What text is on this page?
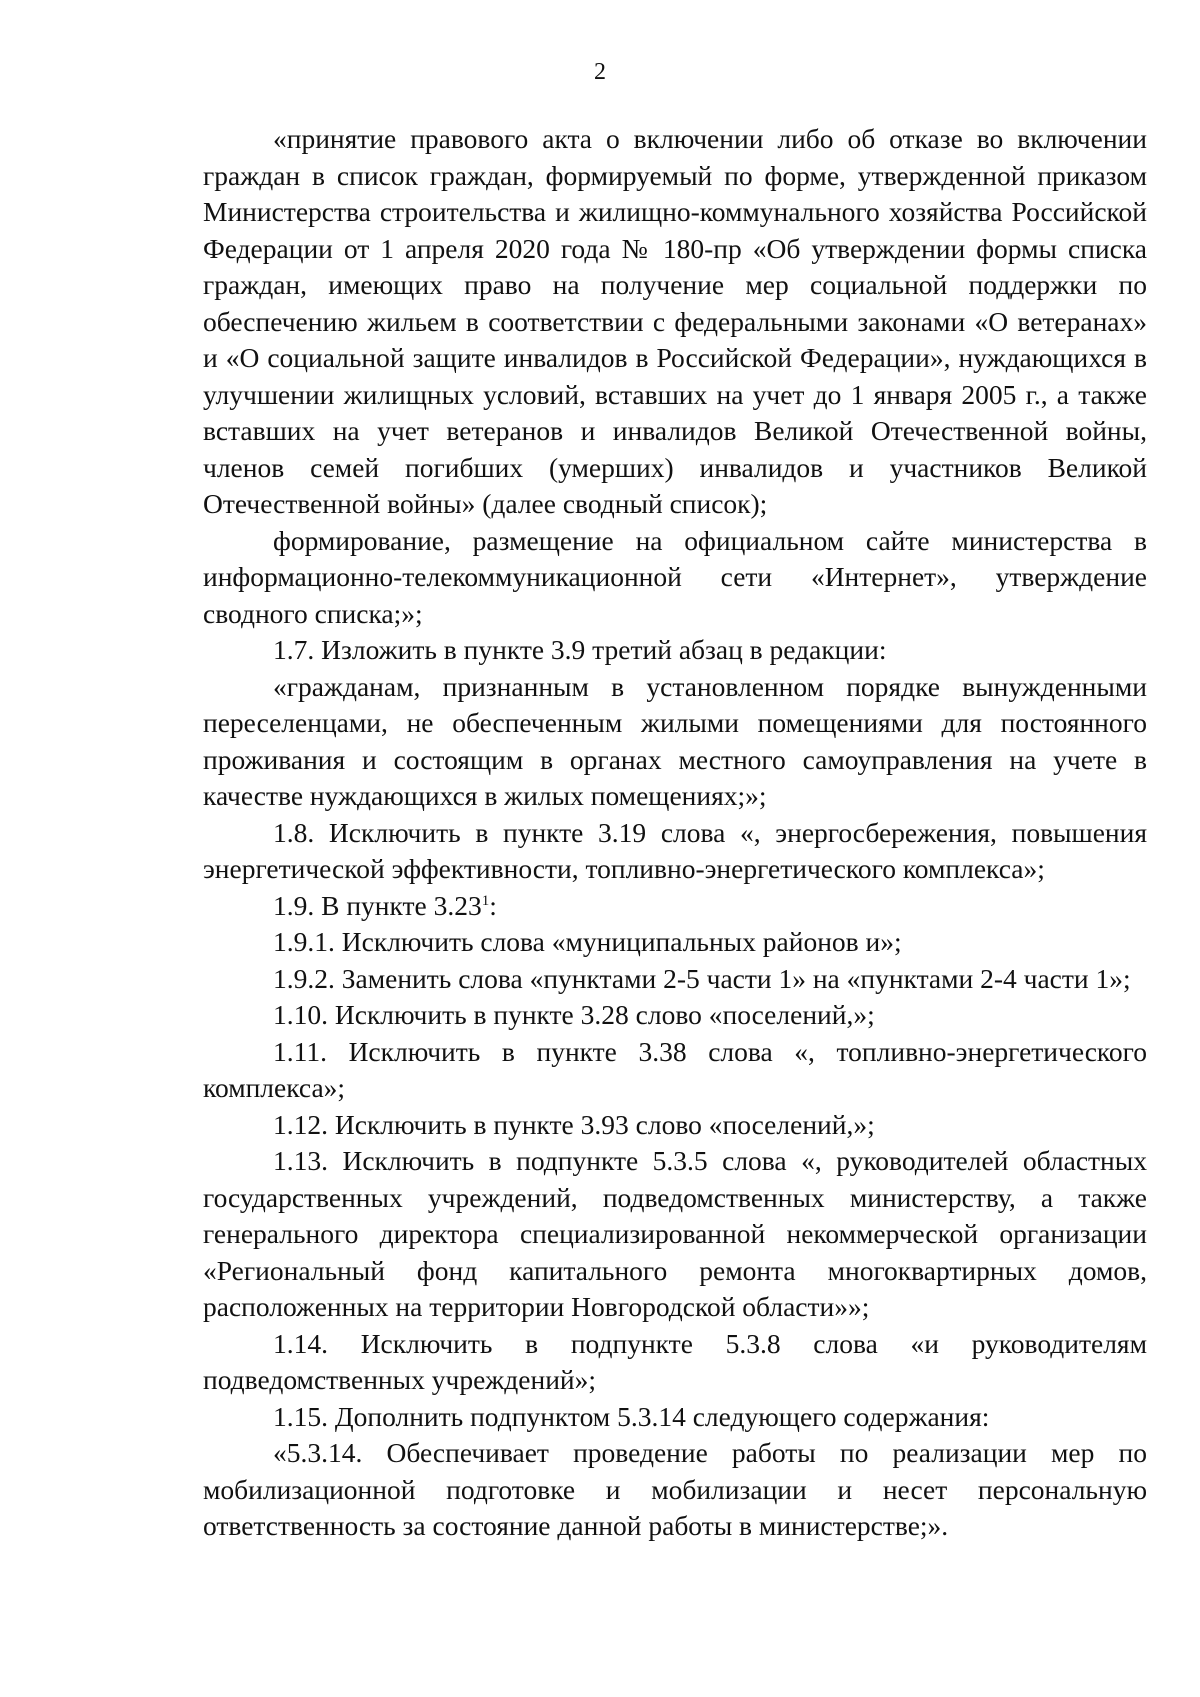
2

«принятие правового акта о включении либо об отказе во включении граждан в список граждан, формируемый по форме, утвержденной приказом Министерства строительства и жилищно-коммунального хозяйства Российской Федерации от 1 апреля 2020 года № 180-пр «Об утверждении формы списка граждан, имеющих право на получение мер социальной поддержки по обеспечению жильем в соответствии с федеральными законами «О ветеранах» и «О социальной защите инвалидов в Российской Федерации», нуждающихся в улучшении жилищных условий, вставших на учет до 1 января 2005 г., а также вставших на учет ветеранов и инвалидов Великой Отечественной войны, членов семей погибших (умерших) инвалидов и участников Великой Отечественной войны» (далее сводный список);

формирование, размещение на официальном сайте министерства в информационно-телекоммуникационной сети «Интернет», утверждение сводного списка;»;

1.7. Изложить в пункте 3.9 третий абзац в редакции:

«гражданам, признанным в установленном порядке вынужденными переселенцами, не обеспеченным жилыми помещениями для постоянного проживания и состоящим в органах местного самоуправления на учете в качестве нуждающихся в жилых помещениях;»;

1.8. Исключить в пункте 3.19 слова «, энергосбережения, повышения энергетической эффективности, топливно-энергетического комплекса»;

1.9. В пункте 3.23$^1$:

1.9.1. Исключить слова «муниципальных районов и»;

1.9.2. Заменить слова «пунктами 2-5 части 1» на «пунктами 2-4 части 1»;

1.10. Исключить в пункте 3.28 слово «поселений,»;

1.11. Исключить в пункте 3.38 слова «, топливно-энергетического комплекса»;

1.12. Исключить в пункте 3.93 слово «поселений,»;

1.13. Исключить в подпункте 5.3.5 слова «, руководителей областных государственных учреждений, подведомственных министерству, а также генерального директора специализированной некоммерческой организации «Региональный фонд капитального ремонта многоквартирных домов, расположенных на территории Новгородской области»»;

1.14. Исключить в подпункте 5.3.8 слова «и руководителям подведомственных учреждений»;

1.15. Дополнить подпунктом 5.3.14 следующего содержания:

«5.3.14. Обеспечивает проведение работы по реализации мер по мобилизационной подготовке и мобилизации и несет персональную ответственность за состояние данной работы в министерстве;».
